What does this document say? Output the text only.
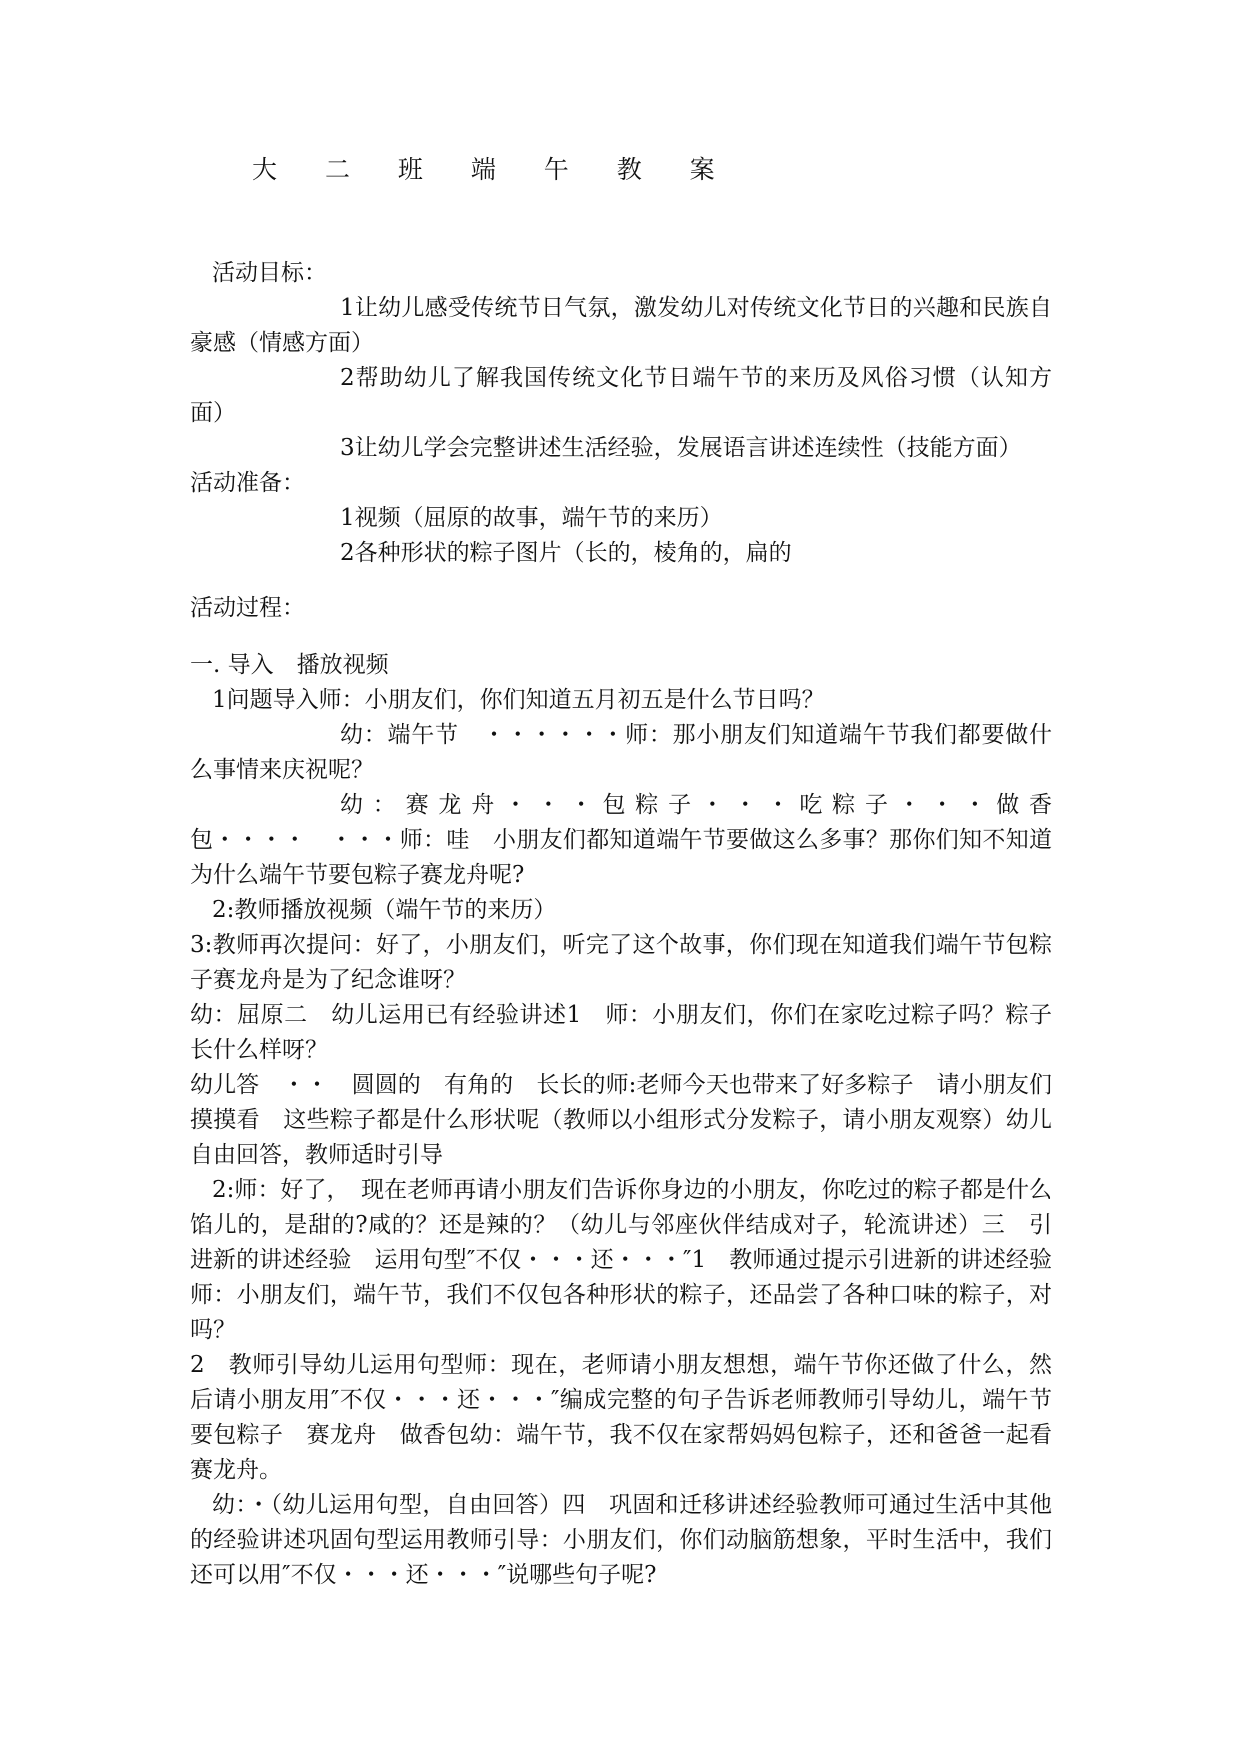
大 二 班 端 午 教 案

活动目标：

1让幼儿感受传统节日气氛，激发幼儿对传统文化节日的兴趣和民族自豪感（情感方面）

2帮助幼儿了解我国传统文化节日端午节的来历及风俗习惯（认知方面）

3让幼儿学会完整讲述生活经验，发展语言讲述连续性（技能方面）

活动准备：

1视频（屈原的故事，端午节的来历）

2各种形状的粽子图片（长的，棱角的，扁的

活动过程：

一. 导入　播放视频

1问题导入师：小朋友们，你们知道五月初五是什么节日吗？

幼：端午节　・・・・・・师：那小朋友们知道端午节我们都要做什么事情来庆祝呢？

幼：赛龙舟・・・包粽子・・・吃粽子・・・做香包・・・・　・・・师：哇　小朋友们都知道端午节要做这么多事？那你们知不知道为什么端午节要包粽子赛龙舟呢?

2:教师播放视频（端午节的来历）

3:教师再次提问：好了，小朋友们，听完了这个故事，你们现在知道我们端午节包粽子赛龙舟是为了纪念谁呀？

幼：屈原二　幼儿运用已有经验讲述1　师：小朋友们，你们在家吃过粽子吗？粽子长什么样呀？

幼儿答　・・　圆圆的　有角的　长长的师:老师今天也带来了好多粽子　请小朋友们摸摸看　这些粽子都是什么形状呢（教师以小组形式分发粽子，请小朋友观察）幼儿自由回答，教师适时引导

2:师：好了，　现在老师再请小朋友们告诉你身边的小朋友，你吃过的粽子都是什么馅儿的，是甜的?咸的？还是辣的？（幼儿与邻座伙伴结成对子，轮流讲述）三　引进新的讲述经验　运用句型″不仅・・・还・・・″1　教师通过提示引进新的讲述经验师：小朋友们，端午节，我们不仅包各种形状的粽子，还品尝了各种口味的粽子，对吗？

2　教师引导幼儿运用句型师：现在，老师请小朋友想想，端午节你还做了什么，然后请小朋友用″不仅・・・还・・・″编成完整的句子告诉老师教师引导幼儿，端午节要包粽子　赛龙舟　做香包幼：端午节，我不仅在家帮妈妈包粽子，还和爸爸一起看赛龙舟。

幼：・（幼儿运用句型，自由回答）四　巩固和迁移讲述经验教师可通过生活中其他的经验讲述巩固句型运用教师引导：小朋友们，你们动脑筋想象，平时生活中，我们还可以用″不仅・・・还・・・″说哪些句子呢?
